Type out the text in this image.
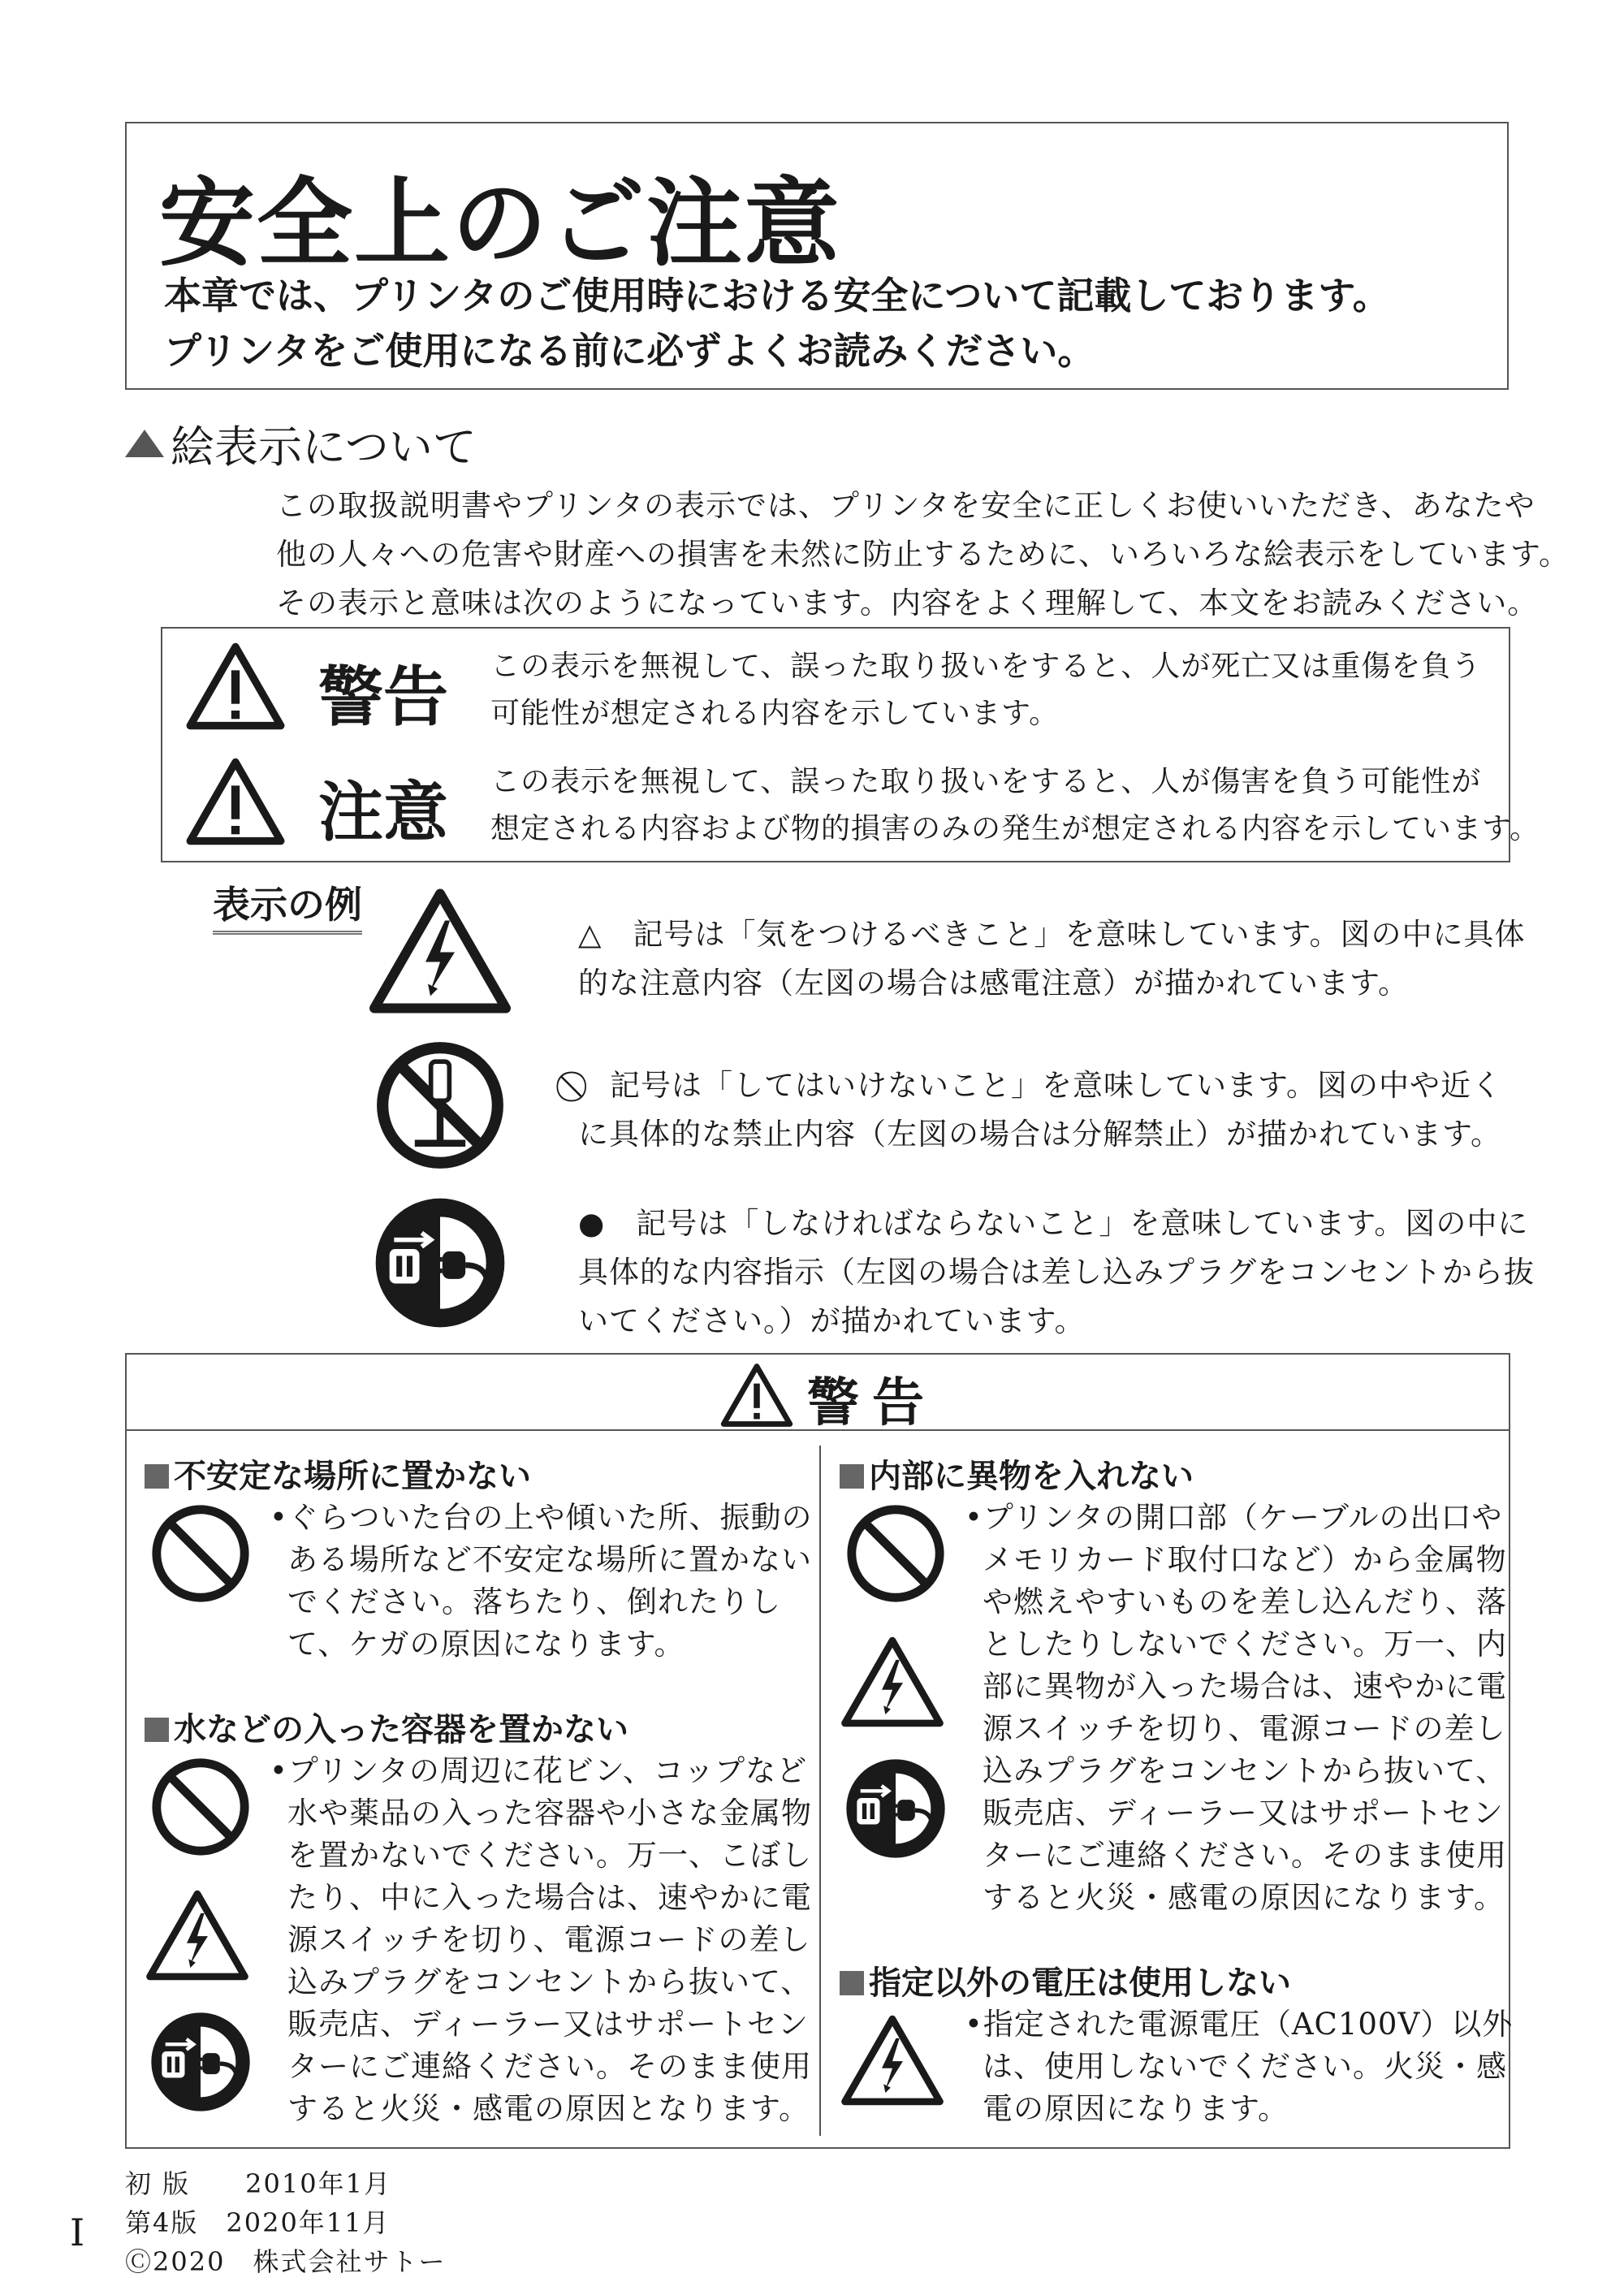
安全上のご注意
本章では、プリンタのご使用時における安全について記載しております。
プリンタをご使用になる前に必ずよくお読みください。
絵表示について
この取扱説明書やプリンタの表示では、プリンタを安全に正しくお使いいただき、あなたや
他の人々への危害や財産への損害を未然に防止するために、いろいろな絵表示をしています。
その表示と意味は次のようになっています。内容をよく理解して、本文をお読みください。
警告 この表示を無視して、誤った取り扱いをすると、人が死亡又は重傷を負う
可能性が想定される内容を示しています。
注意 この表示を無視して、誤った取り扱いをすると、人が傷害を負う可能性が
想定される内容および物的損害のみの発生が想定される内容を示しています。
表示の例
△　記号は「気をつけるべきこと」を意味しています。図の中に具体
的な注意内容（左図の場合は感電注意）が描かれています。
⃠　記号は「してはいけないこと」を意味しています。図の中や近く
に具体的な禁止内容（左図の場合は分解禁止）が描かれています。
●　記号は「しなければならないこと」を意味しています。図の中に
具体的な内容指示（左図の場合は差し込みプラグをコンセントから抜
いてください。）が描かれています。
警告
不安定な場所に置かない
•ぐらついた台の上や傾いた所、振動の
ある場所など不安定な場所に置かない
でください。落ちたり、倒れたりし
て、ケガの原因になります。
水などの入った容器を置かない
•プリンタの周辺に花ビン、コップなど
水や薬品の入った容器や小さな金属物
を置かないでください。万一、こぼし
たり、中に入った場合は、速やかに電
源スイッチを切り、電源コードの差し
込みプラグをコンセントから抜いて、
販売店、ディーラー又はサポートセン
ターにご連絡ください。そのまま使用
すると火災・感電の原因となります。
内部に異物を入れない
•プリンタの開口部（ケーブルの出口や
メモリカード取付口など）から金属物
や燃えやすいものを差し込んだり、落
としたりしないでください。万一、内
部に異物が入った場合は、速やかに電
源スイッチを切り、電源コードの差し
込みプラグをコンセントから抜いて、
販売店、ディーラー又はサポートセン
ターにご連絡ください。そのまま使用
すると火災・感電の原因になります。
指定以外の電圧は使用しない
•指定された電源電圧（AC100V）以外
は、使用しないでください。火災・感
電の原因になります。
I
初 版　　2010年1月
第4版　2020年11月
Ⓒ2020　株式会社サトー
